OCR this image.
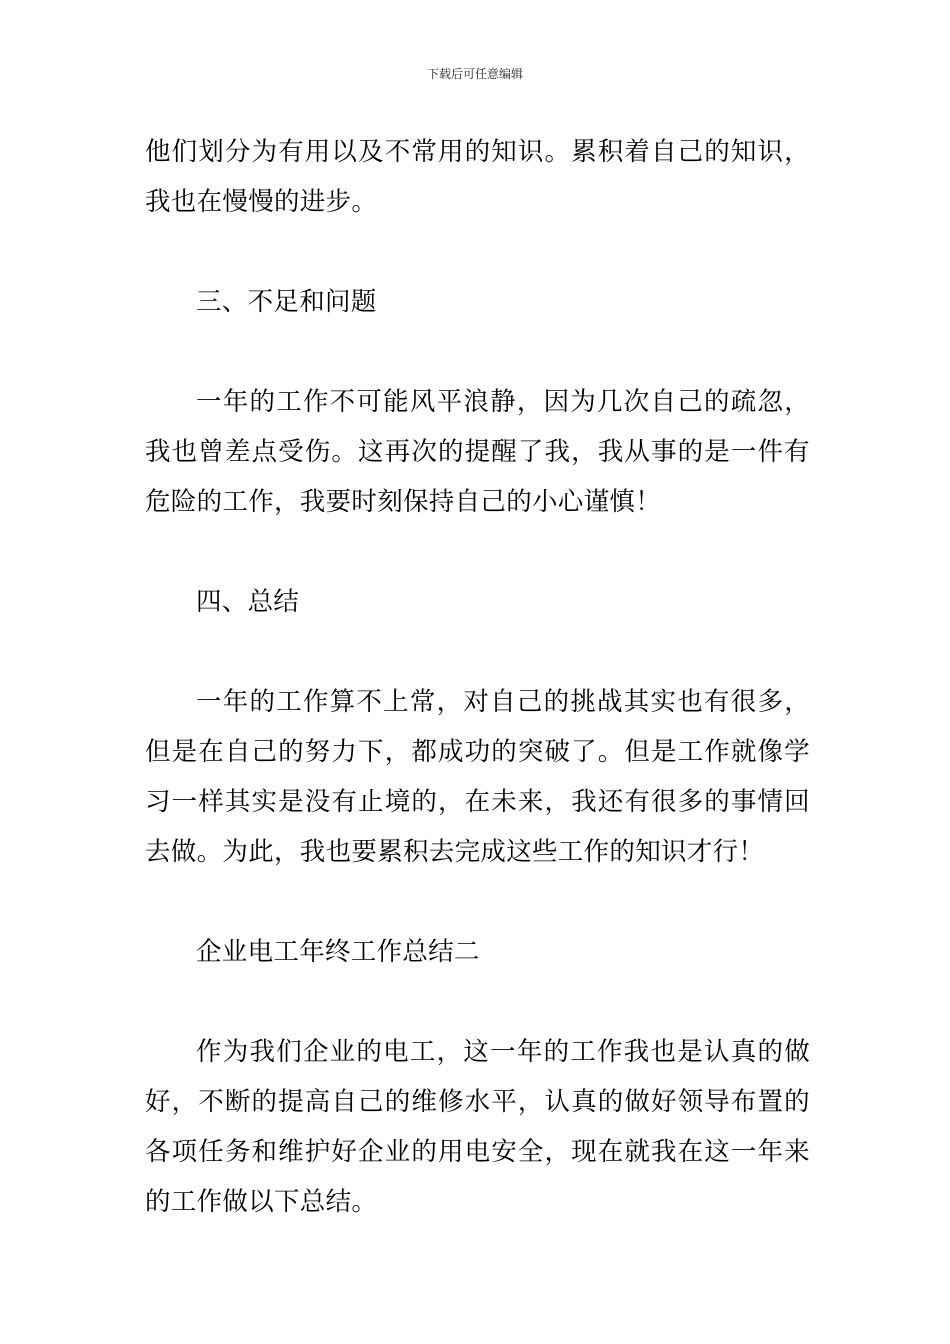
下载后可任意编辑

他们划分为有用以及不常用的知识。累积着自己的知识，我也在慢慢的进步。

三、不足和问题

一年的工作不可能风平浪静，因为几次自己的疏忽，我也曾差点受伤。这再次的提醒了我，我从事的是一件有危险的工作，我要时刻保持自己的小心谨慎！

四、总结

一年的工作算不上常，对自己的挑战其实也有很多，但是在自己的努力下，都成功的突破了。但是工作就像学习一样其实是没有止境的，在未来，我还有很多的事情回去做。为此，我也要累积去完成这些工作的知识才行！

企业电工年终工作总结二

作为我们企业的电工，这一年的工作我也是认真的做好，不断的提高自己的维修水平，认真的做好领导布置的各项任务和维护好企业的用电安全，现在就我在这一年来的工作做以下总结。
